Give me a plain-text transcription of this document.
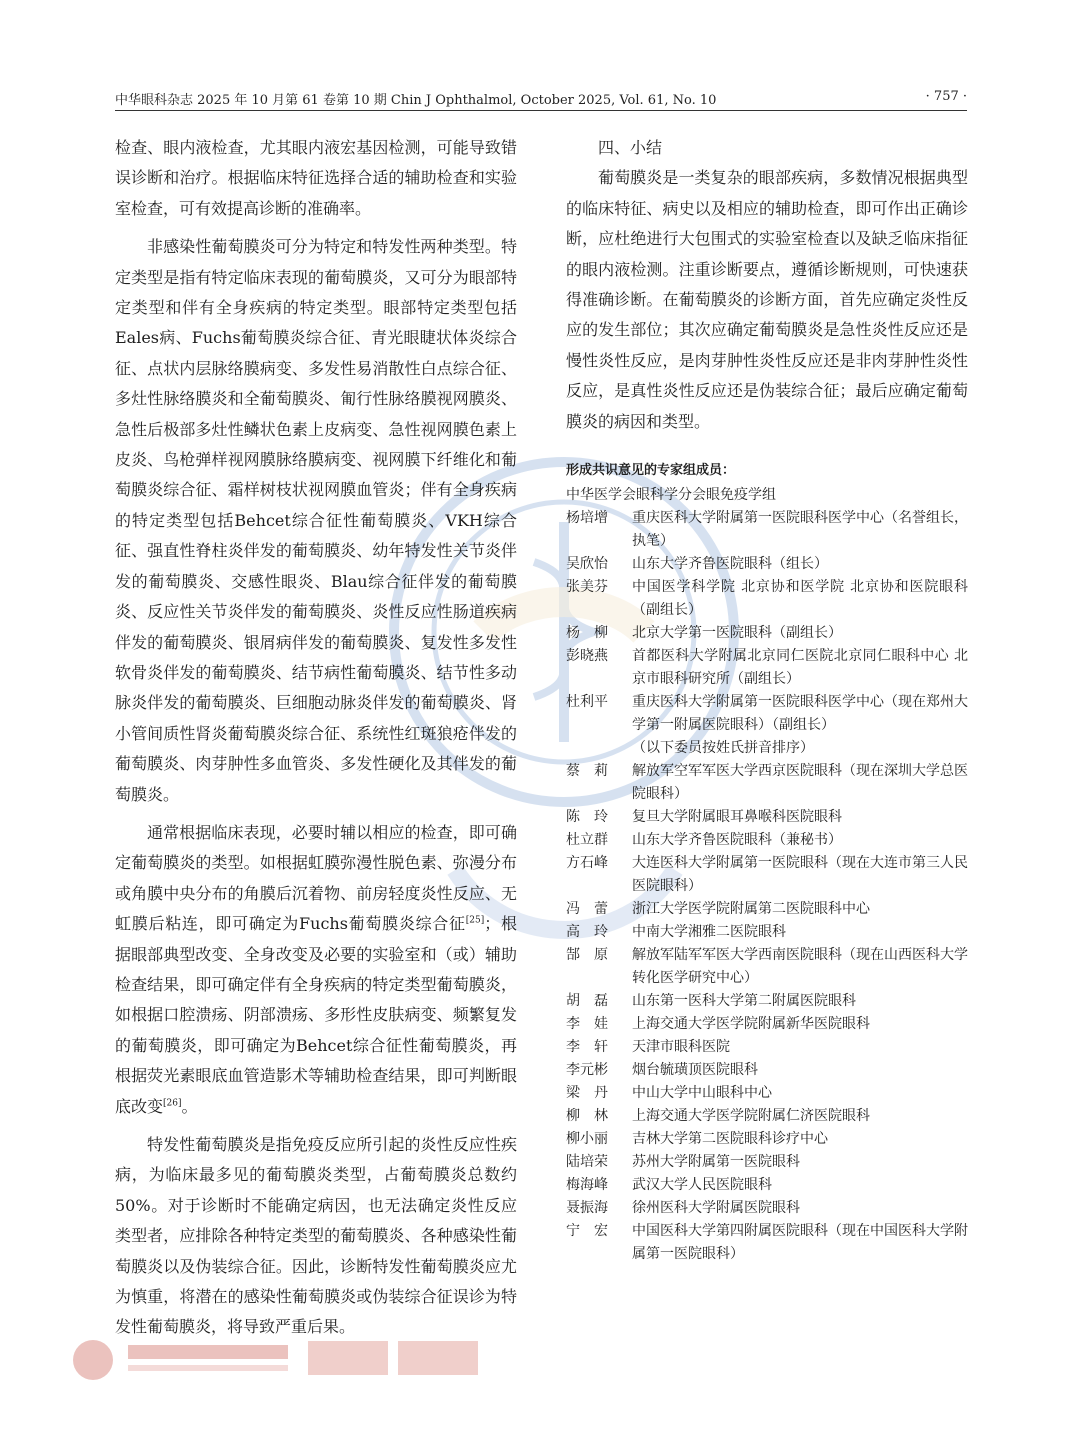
中华眼科杂志 2025 年 10 月第 61 卷第 10 期 Chin J Ophthalmol, October 2025, Vol. 61, No. 10	· 757 ·

检查、眼内液检查，尤其眼内液宏基因检测，可能导致错误诊断和治疗。根据临床特征选择合适的辅助检查和实验室检查，可有效提高诊断的准确率。

非感染性葡萄膜炎可分为特定和特发性两种类型。特定类型是指有特定临床表现的葡萄膜炎，又可分为眼部特定类型和伴有全身疾病的特定类型。眼部特定类型包括Eales病、Fuchs葡萄膜炎综合征、青光眼睫状体炎综合征、点状内层脉络膜病变、多发性易消散性白点综合征、多灶性脉络膜炎和全葡萄膜炎、匍行性脉络膜视网膜炎、急性后极部多灶性鳞状色素上皮病变、急性视网膜色素上皮炎、鸟枪弹样视网膜脉络膜病变、视网膜下纤维化和葡萄膜炎综合征、霜样树枝状视网膜血管炎；伴有全身疾病的特定类型包括Behcet综合征性葡萄膜炎、VKH综合征、强直性脊柱炎伴发的葡萄膜炎、幼年特发性关节炎伴发的葡萄膜炎、交感性眼炎、Blau综合征伴发的葡萄膜炎、反应性关节炎伴发的葡萄膜炎、炎性反应性肠道疾病伴发的葡萄膜炎、银屑病伴发的葡萄膜炎、复发性多发性软骨炎伴发的葡萄膜炎、结节病性葡萄膜炎、结节性多动脉炎伴发的葡萄膜炎、巨细胞动脉炎伴发的葡萄膜炎、肾小管间质性肾炎葡萄膜炎综合征、系统性红斑狼疮伴发的葡萄膜炎、肉芽肿性多血管炎、多发性硬化及其伴发的葡萄膜炎。

通常根据临床表现，必要时辅以相应的检查，即可确定葡萄膜炎的类型。如根据虹膜弥漫性脱色素、弥漫分布或角膜中央分布的角膜后沉着物、前房轻度炎性反应、无虹膜后粘连，即可确定为Fuchs葡萄膜炎综合征[25]；根据眼部典型改变、全身改变及必要的实验室和（或）辅助检查结果，即可确定伴有全身疾病的特定类型葡萄膜炎，如根据口腔溃疡、阴部溃疡、多形性皮肤病变、频繁复发的葡萄膜炎，即可确定为Behcet综合征性葡萄膜炎，再根据荧光素眼底血管造影术等辅助检查结果，即可判断眼底改变[26]。

特发性葡萄膜炎是指免疫反应所引起的炎性反应性疾病，为临床最多见的葡萄膜炎类型，占葡萄膜炎总数约50%。对于诊断时不能确定病因，也无法确定炎性反应类型者，应排除各种特定类型的葡萄膜炎、各种感染性葡萄膜炎以及伪装综合征。因此，诊断特发性葡萄膜炎应尤为慎重，将潜在的感染性葡萄膜炎或伪装综合征误诊为特发性葡萄膜炎，将导致严重后果。

四、小结

葡萄膜炎是一类复杂的眼部疾病，多数情况根据典型的临床特征、病史以及相应的辅助检查，即可作出正确诊断，应杜绝进行大包围式的实验室检查以及缺乏临床指征的眼内液检测。注重诊断要点，遵循诊断规则，可快速获得准确诊断。在葡萄膜炎的诊断方面，首先应确定炎性反应的发生部位；其次应确定葡萄膜炎是急性炎性反应还是慢性炎性反应，是肉芽肿性炎性反应还是非肉芽肿性炎性反应，是真性炎性反应还是伪装综合征；最后应确定葡萄膜炎的病因和类型。

形成共识意见的专家组成员：
中华医学会眼科学分会眼免疫学组
杨培增	重庆医科大学附属第一医院眼科医学中心（名誉组长，执笔）
吴欣怡	山东大学齐鲁医院眼科（组长）
张美芬	中国医学科学院 北京协和医学院 北京协和医院眼科（副组长）
杨　柳	北京大学第一医院眼科（副组长）
彭晓燕	首都医科大学附属北京同仁医院北京同仁眼科中心 北京市眼科研究所（副组长）
杜利平	重庆医科大学附属第一医院眼科医学中心（现在郑州大学第一附属医院眼科）（副组长）
（以下委员按姓氏拼音排序）
蔡　莉	解放军空军军医大学西京医院眼科（现在深圳大学总医院眼科）
陈　玲	复旦大学附属眼耳鼻喉科医院眼科
杜立群	山东大学齐鲁医院眼科（兼秘书）
方石峰	大连医科大学附属第一医院眼科（现在大连市第三人民医院眼科）
冯　蕾	浙江大学医学院附属第二医院眼科中心
高　玲	中南大学湘雅二医院眼科
郜　原	解放军陆军军医大学西南医院眼科（现在山西医科大学转化医学研究中心）
胡　磊	山东第一医科大学第二附属医院眼科
李　娃	上海交通大学医学院附属新华医院眼科
李　轩	天津市眼科医院
李元彬	烟台毓璜顶医院眼科
梁　丹	中山大学中山眼科中心
柳　林	上海交通大学医学院附属仁济医院眼科
柳小丽	吉林大学第二医院眼科诊疗中心
陆培荣	苏州大学附属第一医院眼科
梅海峰	武汉大学人民医院眼科
聂振海	徐州医科大学附属医院眼科
宁　宏	中国医科大学第四附属医院眼科（现在中国医科大学附属第一医院眼科）
